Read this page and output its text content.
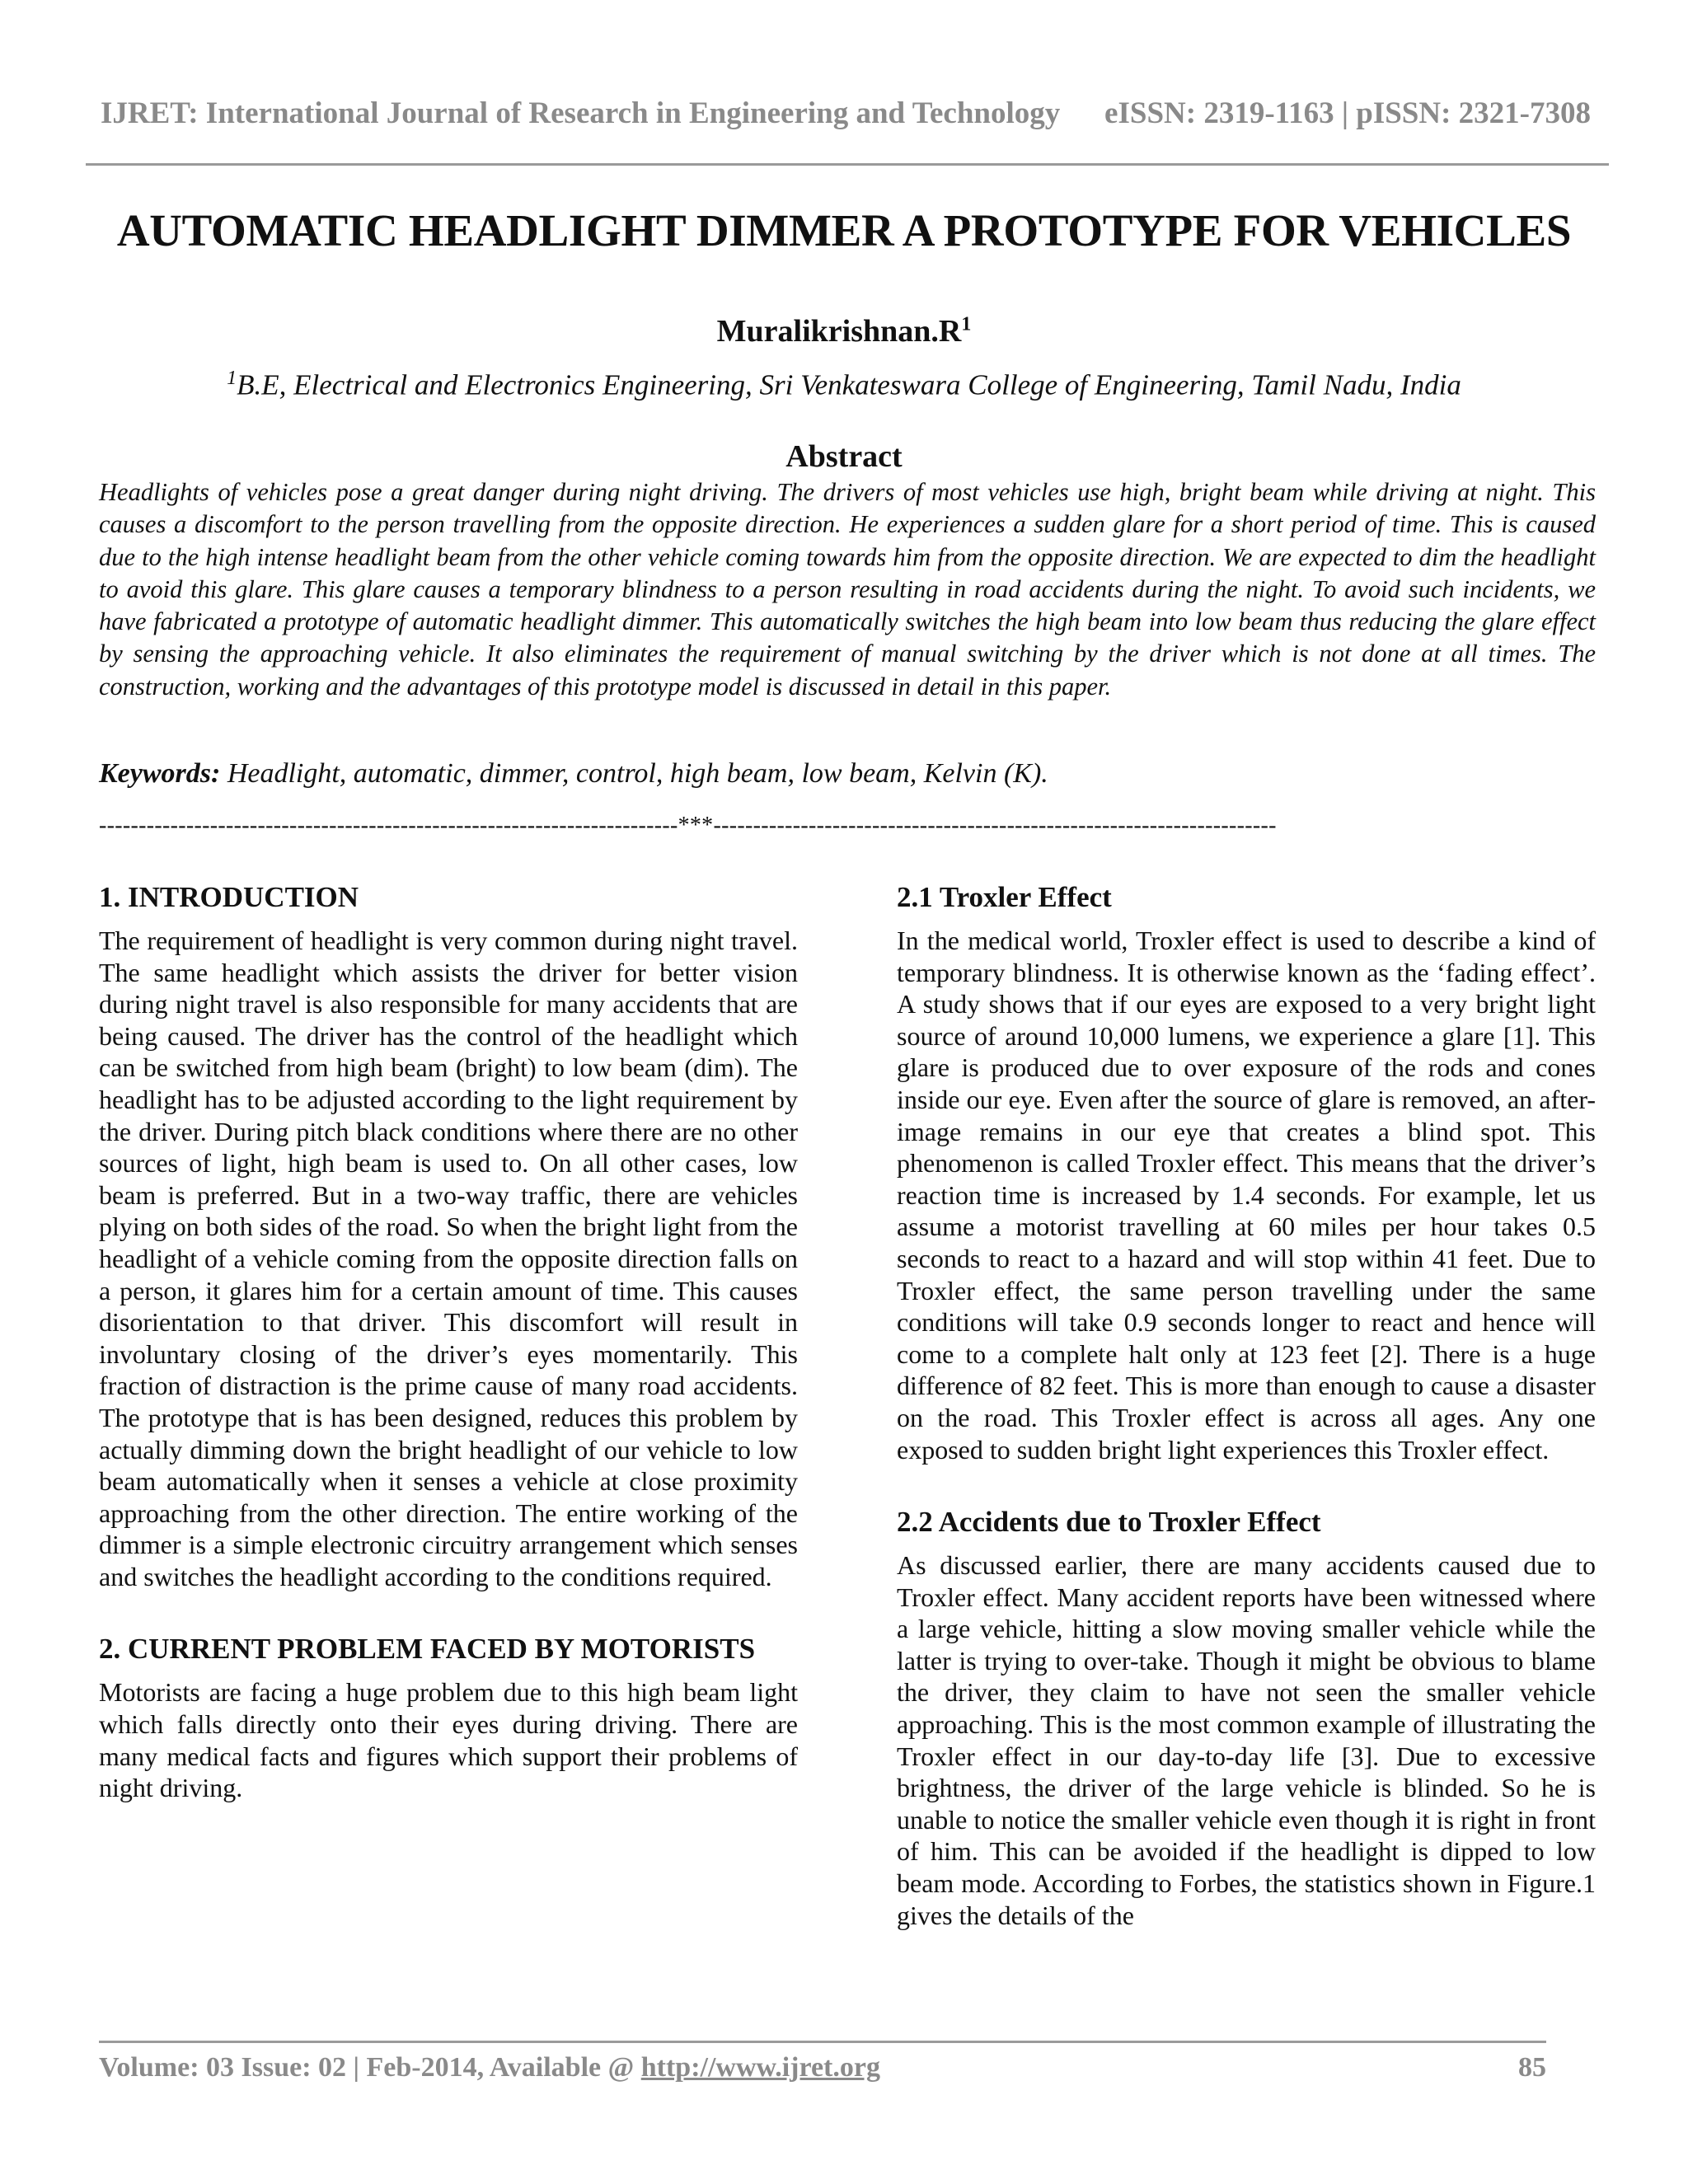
IJRET: International Journal of Research in Engineering and Technology eISSN: 2319-1163 | pISSN: 2321-7308
AUTOMATIC HEADLIGHT DIMMER A PROTOTYPE FOR VEHICLES
$Muralikrishnan.R^1$
$^1$B.E, Electrical and Electronics Engineering, Sri Venkateswara College of Engineering, Tamil Nadu, India
Abstract

Headlights of vehicles pose a great danger during night driving. The drivers of most vehicles use high, bright beam while driving at night. This causes a discomfort to the person travelling from the opposite direction. He experiences a sudden glare for a short period of time. This is caused due to the high intense headlight beam from the other vehicle coming towards him from the opposite direction. We are expected to dim the headlight to avoid this glare. This glare causes a temporary blindness to a person resulting in road accidents during the night. To avoid such incidents, we have fabricated a prototype of automatic headlight dimmer. This automatically switches the high beam into low beam thus reducing the glare effect by sensing the approaching vehicle. It also eliminates the requirement of manual switching by the driver which is not done at all times. The construction, working and the advantages of this prototype model is discussed in detail in this paper.

Keywords: Headlight, automatic, dimmer, control, high beam, low beam, Kelvin (K).
-------------------------------------------------------------------------***-----------------------------------------------------------------------
1. INTRODUCTION

The requirement of headlight is very common during night travel. The same headlight which assists the driver for better vision during night travel is also responsible for many accidents that are being caused. The driver has the control of the headlight which can be switched from high beam (bright) to low beam (dim). The headlight has to be adjusted according to the light requirement by the driver. During pitch black conditions where there are no other sources of light, high beam is used to. On all other cases, low beam is preferred. But in a two-way traffic, there are vehicles plying on both sides of the road. So when the bright light from the headlight of a vehicle coming from the opposite direction falls on a person, it glares him for a certain amount of time. This causes disorientation to that driver. This discomfort will result in involuntary closing of the driver’s eyes momentarily. This fraction of distraction is the prime cause of many road accidents. The prototype that is has been designed, reduces this problem by actually dimming down the bright headlight of our vehicle to low beam automatically when it senses a vehicle at close proximity approaching from the other direction. The entire working of the dimmer is a simple electronic circuitry arrangement which senses and switches the headlight according to the conditions required.

2. CURRENT PROBLEM FACED BY MOTORISTS

Motorists are facing a huge problem due to this high beam light which falls directly onto their eyes during driving. There are many medical facts and figures which support their problems of night driving.

2.1 Troxler Effect

In the medical world, Troxler effect is used to describe a kind of temporary blindness. It is otherwise known as the ‘fading effect’. A study shows that if our eyes are exposed to a very bright light source of around 10,000 lumens, we experience a glare [1]. This glare is produced due to over exposure of the rods and cones inside our eye. Even after the source of glare is removed, an after-image remains in our eye that creates a blind spot. This phenomenon is called Troxler effect. This means that the driver’s reaction time is increased by 1.4 seconds. For example, let us assume a motorist travelling at 60 miles per hour takes 0.5 seconds to react to a hazard and will stop within 41 feet. Due to Troxler effect, the same person travelling under the same conditions will take 0.9 seconds longer to react and hence will come to a complete halt only at 123 feet [2]. There is a huge difference of 82 feet. This is more than enough to cause a disaster on the road. This Troxler effect is across all ages. Any one exposed to sudden bright light experiences this Troxler effect.

2.2 Accidents due to Troxler Effect

As discussed earlier, there are many accidents caused due to Troxler effect. Many accident reports have been witnessed where a large vehicle, hitting a slow moving smaller vehicle while the latter is trying to over-take. Though it might be obvious to blame the driver, they claim to have not seen the smaller vehicle approaching. This is the most common example of illustrating the Troxler effect in our day-to-day life [3]. Due to excessive brightness, the driver of the large vehicle is blinded. So he is unable to notice the smaller vehicle even though it is right in front of him. This can be avoided if the headlight is dipped to low beam mode. According to Forbes, the statistics shown in Figure.1 gives the details of the

Volume: 03 Issue: 02 | Feb-2014, Available @ http://www.ijret.org	85
